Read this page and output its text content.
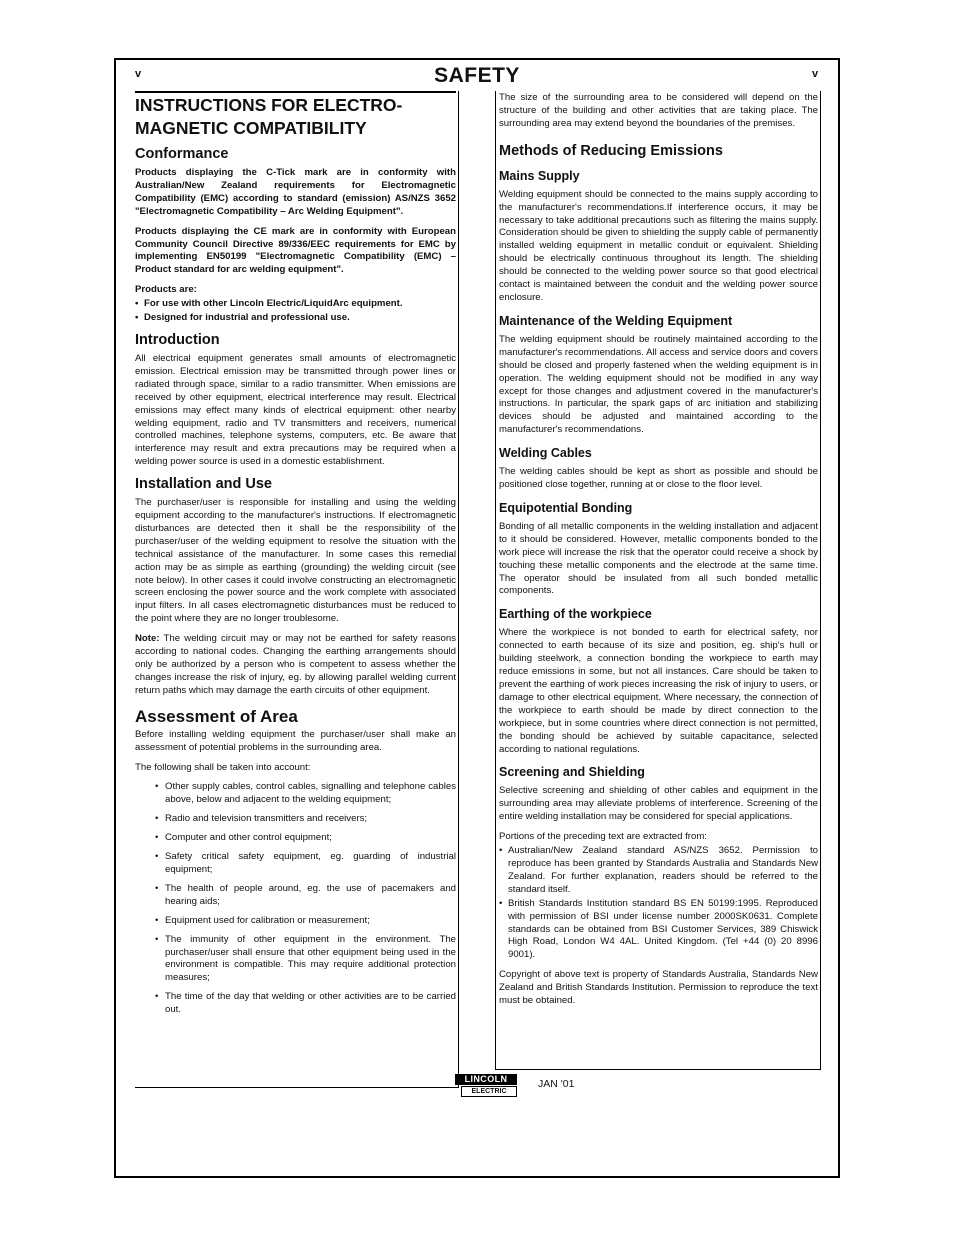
v	SAFETY	v
INSTRUCTIONS FOR ELECTRO-MAGNETIC COMPATIBILITY
Conformance

Products displaying the C-Tick mark are in conformity with Australian/New Zealand requirements for Electromagnetic Compatibility (EMC) according to standard (emission) AS/NZS 3652 "Electromagnetic Compatibility – Arc Welding Equipment".

Products displaying the CE mark are in conformity with European Community Council Directive 89/336/EEC requirements for EMC by implementing EN50199 "Electromagnetic Compatibility (EMC) – Product standard for arc welding equipment".

Products are:

• For use with other Lincoln Electric/LiquidArc equipment.
• Designed for industrial and professional use.
Introduction

All electrical equipment generates small amounts of electromagnetic emission. Electrical emission may be transmitted through power lines or radiated through space, similar to a radio transmitter. When emissions are received by other equipment, electrical interference may result. Electrical emissions may effect many kinds of electrical equipment: other nearby welding equipment, radio and TV transmitters and receivers, numerical controlled machines, telephone systems, computers, etc. Be aware that interference may result and extra precautions may be required when a welding power source is used in a domestic establishment.

Installation and Use

The purchaser/user is responsible for installing and using the welding equipment according to the manufacturer's instructions. If electromagnetic disturbances are detected then it shall be the responsibility of the purchaser/user of the welding equipment to resolve the situation with the technical assistance of the manufacturer. In some cases this remedial action may be as simple as earthing (grounding) the welding circuit (see note below). In other cases it could involve constructing an electromagnetic screen enclosing the power source and the work complete with associated input filters. In all cases electromagnetic disturbances must be reduced to the point where they are no longer troublesome.

Note: The welding circuit may or may not be earthed for safety reasons according to national codes. Changing the earthing arrangements should only be authorized by a person who is competent to assess whether the changes increase the risk of injury, eg. by allowing parallel welding current return paths which may damage the earth circuits of other equipment.

Assessment of Area

Before installing welding equipment the purchaser/user shall make an assessment of potential problems in the surrounding area.

The following shall be taken into account:

• Other supply cables, control cables, signalling and telephone cables above, below and adjacent to the welding equipment;
• Radio and television transmitters and receivers;
• Computer and other control equipment;
• Safety critical safety equipment, eg. guarding of industrial equipment;
• The health of people around, eg. the use of pacemakers and hearing aids;
• Equipment used for calibration or measurement;
• The immunity of other equipment in the environment. The purchaser/user shall ensure that other equipment being used in the environment is compatible. This may require additional protection measures;
• The time of the day that welding or other activities are to be carried out.

The size of the surrounding area to be considered will depend on the structure of the building and other activities that are taking place. The surrounding area may extend beyond the boundaries of the premises.

Methods of Reducing Emissions
Mains Supply

Welding equipment should be connected to the mains supply according to the manufacturer's recommendations.If interference occurs, it may be necessary to take additional precautions such as filtering the mains supply. Consideration should be given to shielding the supply cable of permanently installed welding equipment in metallic conduit or equivalent. Shielding should be electrically continuous throughout its length. The shielding should be connected to the welding power source so that good electrical contact is maintained between the conduit and the welding power source enclosure.

Maintenance of the Welding Equipment

The welding equipment should be routinely maintained according to the manufacturer's recommendations. All access and service doors and covers should be closed and properly fastened when the welding equipment is in operation. The welding equipment should not be modified in any way except for those changes and adjustment covered in the manufacturer's instructions. In particular, the spark gaps of arc initiation and stabilizing devices should be adjusted and maintained according to the manufacturer's recommendations.

Welding Cables

The welding cables should be kept as short as possible and should be positioned close together, running at or close to the floor level.

Equipotential Bonding

Bonding of all metallic components in the welding installation and adjacent to it should be considered. However, metallic components bonded to the work piece will increase the risk that the operator could receive a shock by touching these metallic components and the electrode at the same time. The operator should be insulated from all such bonded metallic components.

Earthing of the workpiece

Where the workpiece is not bonded to earth for electrical safety, nor connected to earth because of its size and position, eg. ship's hull or building steelwork, a connection bonding the workpiece to earth may reduce emissions in some, but not all instances. Care should be taken to prevent the earthing of work pieces increasing the risk of injury to users, or damage to other electrical equipment. Where necessary, the connection of the workpiece to earth should be made by direct connection to the workpiece, but in some countries where direct connection is not permitted, the bonding should be achieved by suitable capacitance, selected according to national regulations.

Screening and Shielding

Selective screening and shielding of other cables and equipment in the surrounding area may alleviate problems of interference. Screening of the entire welding installation may be considered for special applications.

Portions of the preceding text are extracted from:

• Australian/New Zealand standard AS/NZS 3652. Permission to reproduce has been granted by Standards Australia and Standards New Zealand. For further explanation, readers should be referred to the standard itself.
• British Standards Institution standard BS EN 50199:1995. Reproduced with permission of BSI under license number 2000SK0631. Complete standards can be obtained from BSI Customer Services, 389 Chiswick High Road, London W4 4AL. United Kingdom. (Tel +44 (0) 20 8996 9001).

Copyright of above text is property of Standards Australia, Standards New Zealand and British Standards Institution. Permission to reproduce the text must be obtained.

LINCOLN
ELECTRIC
JAN '01
